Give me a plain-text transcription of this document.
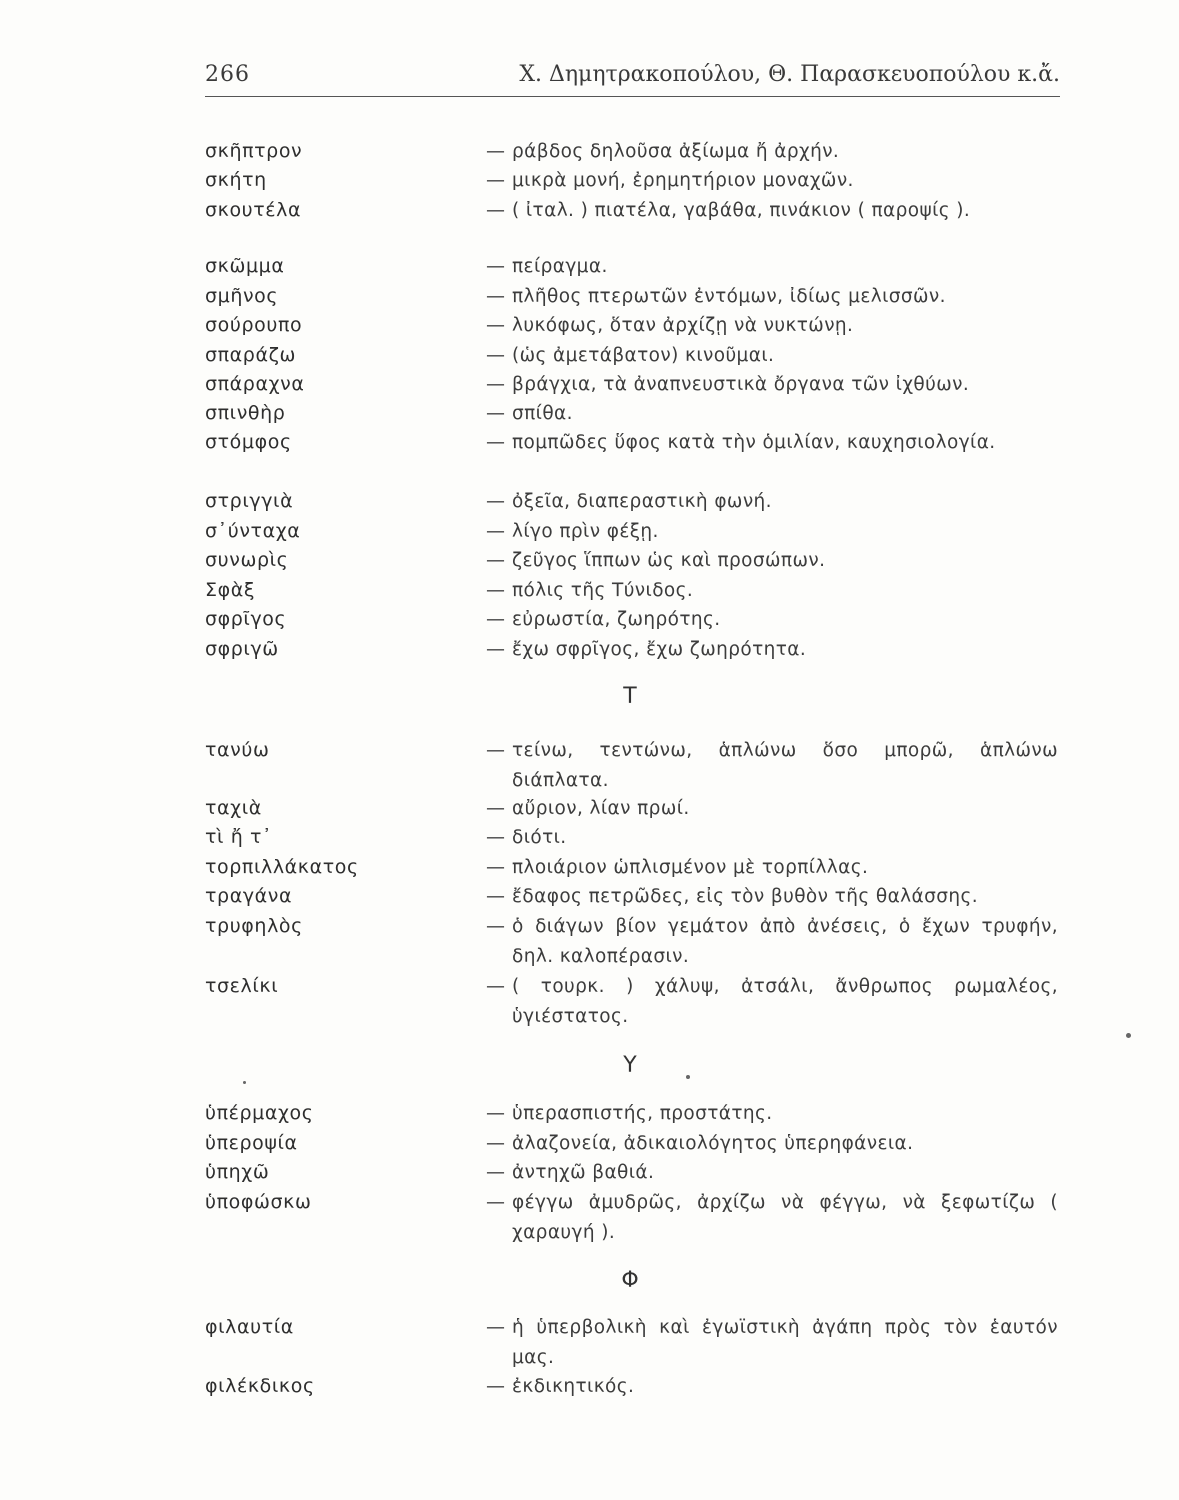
266	Χ. Δημητρακοπούλου, Θ. Παρασκευοπούλου κ.ἄ.
σκῆπτρον	— ράβδος δηλοῦσα ἀξίωμα ἤ ἀρχήν.
σκήτη	— μικρὰ μονή, ἐρημητήριον μοναχῶν.
σκουτέλα	— ( ἰταλ. ) πιατέλα, γαβάθα, πινάκιον ( παροψίς ).
σκῶμμα	— πείραγμα.
σμῆνος	— πλῆθος πτερωτῶν ἐντόμων, ἰδίως μελισσῶν.
σούρουπο	— λυκόφως, ὅταν ἀρχίζῃ νὰ νυκτώνῃ.
σπαράζω	— (ὡς ἀμετάβατον) κινοῦμαι.
σπάραχνα	— βράγχια, τὰ ἀναπνευστικὰ ὄργανα τῶν ἰχθύων.
σπινθὴρ	— σπίθα.
στόμφος	— πομπῶδες ὕφος κατὰ τὴν ὁμιλίαν, καυχησιολογία.
στριγγιὰ	— ὀξεῖα, διαπεραστικὴ φωνή.
σ᾽ύνταχα	— λίγο πρὶν φέξῃ.
συνωρὶς	— ζεῦγος ἵππων ὡς καὶ προσώπων.
Σφὰξ	— πόλις τῆς Τύνιδος.
σφρῖγος	— εὐρωστία, ζωηρότης.
σφριγῶ	— ἔχω σφρῖγος, ἔχω ζωηρότητα.
Τ
τανύω	— τείνω, τεντώνω, ἁπλώνω ὅσο μπορῶ, ἁπλώνω διάπλατα.
ταχιὰ	— αὔριον, λίαν πρωί.
τὶ ἤ τ᾽	— διότι.
τορπιλλάκατος	— πλοιάριον ὡπλισμένον μὲ τορπίλλας.
τραγάνα	— ἔδαφος πετρῶδες, εἰς τὸν βυθὸν τῆς θαλάσσης.
τρυφηλὸς	— ὁ διάγων βίον γεμάτον ἀπὸ ἀνέσεις, ὁ ἔχων τρυφήν, δηλ. καλοπέρασιν.
τσελίκι	— ( τουρκ. ) χάλυψ, ἀτσάλι, ἄνθρωπος ρωμαλέος, ὑγιέστατος.
Υ
ὑπέρμαχος	— ὑπερασπιστής, προστάτης.
ὑπεροψία	— ἀλαζονεία, ἀδικαιολόγητος ὑπερηφάνεια.
ὑπηχῶ	— ἀντηχῶ βαθιά.
ὑποφώσκω	— φέγγω ἀμυδρῶς, ἀρχίζω νὰ φέγγω, νὰ ξεφωτίζω ( χαραυγή ).
Φ
φιλαυτία	— ἡ ὑπερβολικὴ καὶ ἐγωϊστικὴ ἀγάπη πρὸς τὸν ἑαυτόν μας.
φιλέκδικος	— ἐκδικητικός.
